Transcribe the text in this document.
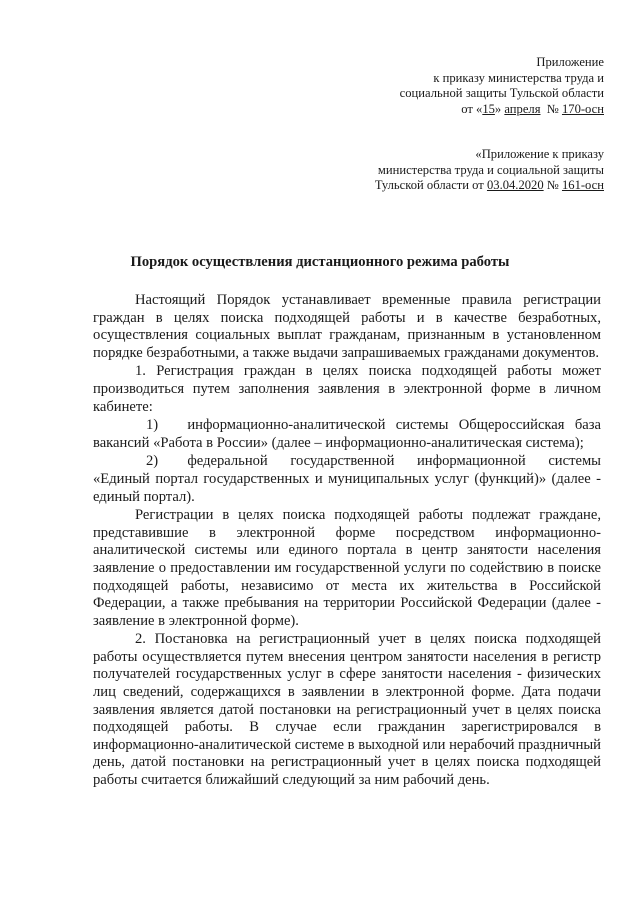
Приложение
к приказу министерства труда и
социальной защиты Тульской области
от «15» апреля  № 170-осн
«Приложение к приказу
министерства труда и социальной защиты
Тульской области от 03.04.2020 № 161-осн
Порядок осуществления дистанционного режима работы

Настоящий Порядок устанавливает временные правила регистрации граждан в целях поиска подходящей работы и в качестве безработных, осуществления социальных выплат гражданам, признанным в установленном порядке безработными, а также выдачи запрашиваемых гражданами документов.

1. Регистрация граждан в целях поиска подходящей работы может производиться путем заполнения заявления в электронной форме в личном кабинете:

1)  информационно-аналитической системы Общероссийская база вакансий «Работа в России» (далее – информационно-аналитическая система);

2)  федеральной государственной информационной системы «Единый портал государственных и муниципальных услуг (функций)» (далее - единый портал).

Регистрации в целях поиска подходящей работы подлежат граждане, представившие в электронной форме посредством информационно-аналитической системы или единого портала в центр занятости населения заявление о предоставлении им государственной услуги по содействию в поиске подходящей работы, независимо от места их жительства в Российской Федерации, а также пребывания на территории Российской Федерации (далее - заявление в электронной форме).

2. Постановка на регистрационный учет в целях поиска подходящей работы осуществляется путем внесения центром занятости населения в регистр получателей государственных услуг в сфере занятости населения - физических лиц сведений, содержащихся в заявлении в электронной форме. Дата подачи заявления является датой постановки на регистрационный учет в целях поиска подходящей работы. В случае если гражданин зарегистрировался в информационно-аналитической системе в выходной или нерабочий праздничный день, датой постановки на регистрационный учет в целях поиска подходящей работы считается ближайший следующий за ним рабочий день.
